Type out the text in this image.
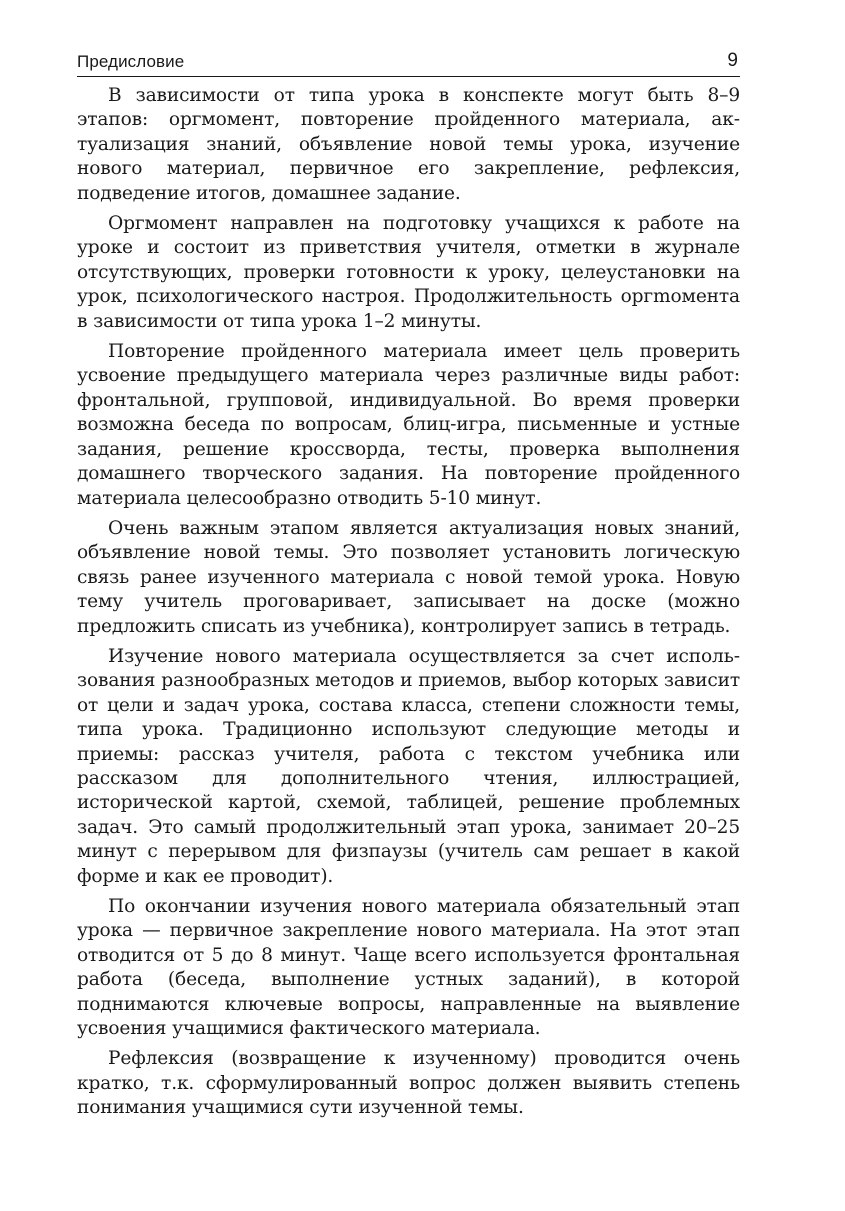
Предисловие	9

В зависимости от типа урока в конспекте могут быть 8–9 этапов: оргмомент, повторение пройденного материала, актуализация знаний, объявление новой темы урока, изучение нового материал, первичное его закрепление, рефлексия, подведение итогов, домашнее задание.

Оргмомент направлен на подготовку учащихся к работе на уроке и состоит из приветствия учителя, отметки в журнале отсутствующих, проверки готовности к уроку, целеустановки на урок, психологического настроя. Продолжительность оргmомента в зависимости от типа урока 1–2 минуты.

Повторение пройденного материала имеет цель проверить усвоение предыдущего материала через различные виды работ: фронтальной, групповой, индивидуальной. Во время проверки возможна беседа по вопросам, блиц-игра, письменные и устные задания, решение кроссворда, тесты, проверка выполнения домашнего творческого задания. На повторение пройденного материала целесообразно отводить 5-10 минут.

Очень важным этапом является актуализация новых знаний, объявление новой темы. Это позволяет установить логическую связь ранее изученного материала с новой темой урока. Новую тему учитель проговаривает, записывает на доске (можно предложить списать из учебника), контролирует запись в тетрадь.

Изучение нового материала осуществляется за счет использования разнообразных методов и приемов, выбор которых зависит от цели и задач урока, состава класса, степени сложности темы, типа урока. Традиционно используют следующие методы и приемы: рассказ учителя, работа с текстом учебника или рассказом для дополнительного чтения, иллюстрацией, исторической картой, схемой, таблицей, решение проблемных задач. Это самый продолжительный этап урока, занимает 20–25 минут с перерывом для физпаузы (учитель сам решает в какой форме и как ее проводит).

По окончании изучения нового материала обязательный этап урока — первичное закрепление нового материала. На этот этап отводится от 5 до 8 минут. Чаще всего используется фронтальная работа (беседа, выполнение устных заданий), в которой поднимаются ключевые вопросы, направленные на выявление усвоения учащимися фактического материала.

Рефлексия (возвращение к изученному) проводится очень кратко, т.к. сформулированный вопрос должен выявить степень понимания учащимися сути изученной темы.
